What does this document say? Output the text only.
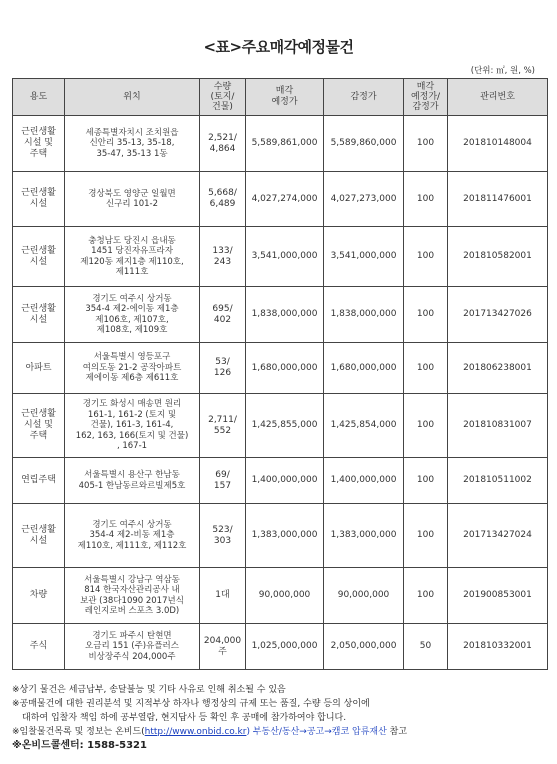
<표>주요매각예정물건
(단위: ㎡, 원, %)
용도	위치	수량
(토지/
건물)	매각
예정가	감정가	매각
예정가/
감정가	관리번호
근린생활
시설 및
주택	세종특별자치시 조치원읍
신안리 35-13, 35-18,
35-47, 35-13 1동	2,521/
4,864	5,589,861,000	5,589,860,000	100	201810148004
근린생활
시설	경상북도 영양군 일월면
신구리 101-2	5,668/
6,489	4,027,274,000	4,027,273,000	100	201811476001
근린생활
시설	충청남도 당진시 읍내동
1451 당진자유프라자
제120동 제지1층 제110호,
제111호	133/
243	3,541,000,000	3,541,000,000	100	201810582001
근린생활
시설	경기도 여주시 상거동
354-4 제2-에이동 제1층
제106호, 제107호,
제108호, 제109호	695/
402	1,838,000,000	1,838,000,000	100	201713427026
아파트	서울특별시 영등포구
여의도동 21-2 공작아파트
제에이동 제6층 제611호	53/
126	1,680,000,000	1,680,000,000	100	201806238001
근린생활
시설 및
주택	경기도 화성시 매송면 원리
161-1, 161-2 (토지 및
건물), 161-3, 161-4,
162, 163, 166(토지 및 건물)
, 167-1	2,711/
552	1,425,855,000	1,425,854,000	100	201810831007
연립주택	서울특별시 용산구 한남동
405-1 한남동르와르빌제5호	69/
157	1,400,000,000	1,400,000,000	100	201810511002
근린생활
시설	경기도 여주시 상거동
354-4 제2-비동 제1층
제110호, 제111호, 제112호	523/
303	1,383,000,000	1,383,000,000	100	201713427024
차량	서울특별시 강남구 역삼동
814 한국자산관리공사 내
보관 (38다1090 2017년식
레인지로버 스포츠 3.0D)	1대	90,000,000	90,000,000	100	201900853001
주식	경기도 파주시 탄현면
오금리 151 (주)유플러스
비상장주식 204,000주	204,000주	1,025,000,000	2,050,000,000	50	201810332001
※상기 물건은 세금납부, 송달불능 및 기타 사유로 인해 취소될 수 있음
※공매물건에 대한 권리분석 및 지적부상 하자나 행정상의 규제 또는 품질, 수량 등의 상이에
대하여 입찰자 책임 하에 공부열람, 현지답사 등 확인 후 공매에 참가하여야 합니다.
※임찰물건목록 및 정보는 온비드(http://www.onbid.co.kr) 부동산/동산→공고→캠코 압류재산 참고
※온비드콜센터: 1588-5321
